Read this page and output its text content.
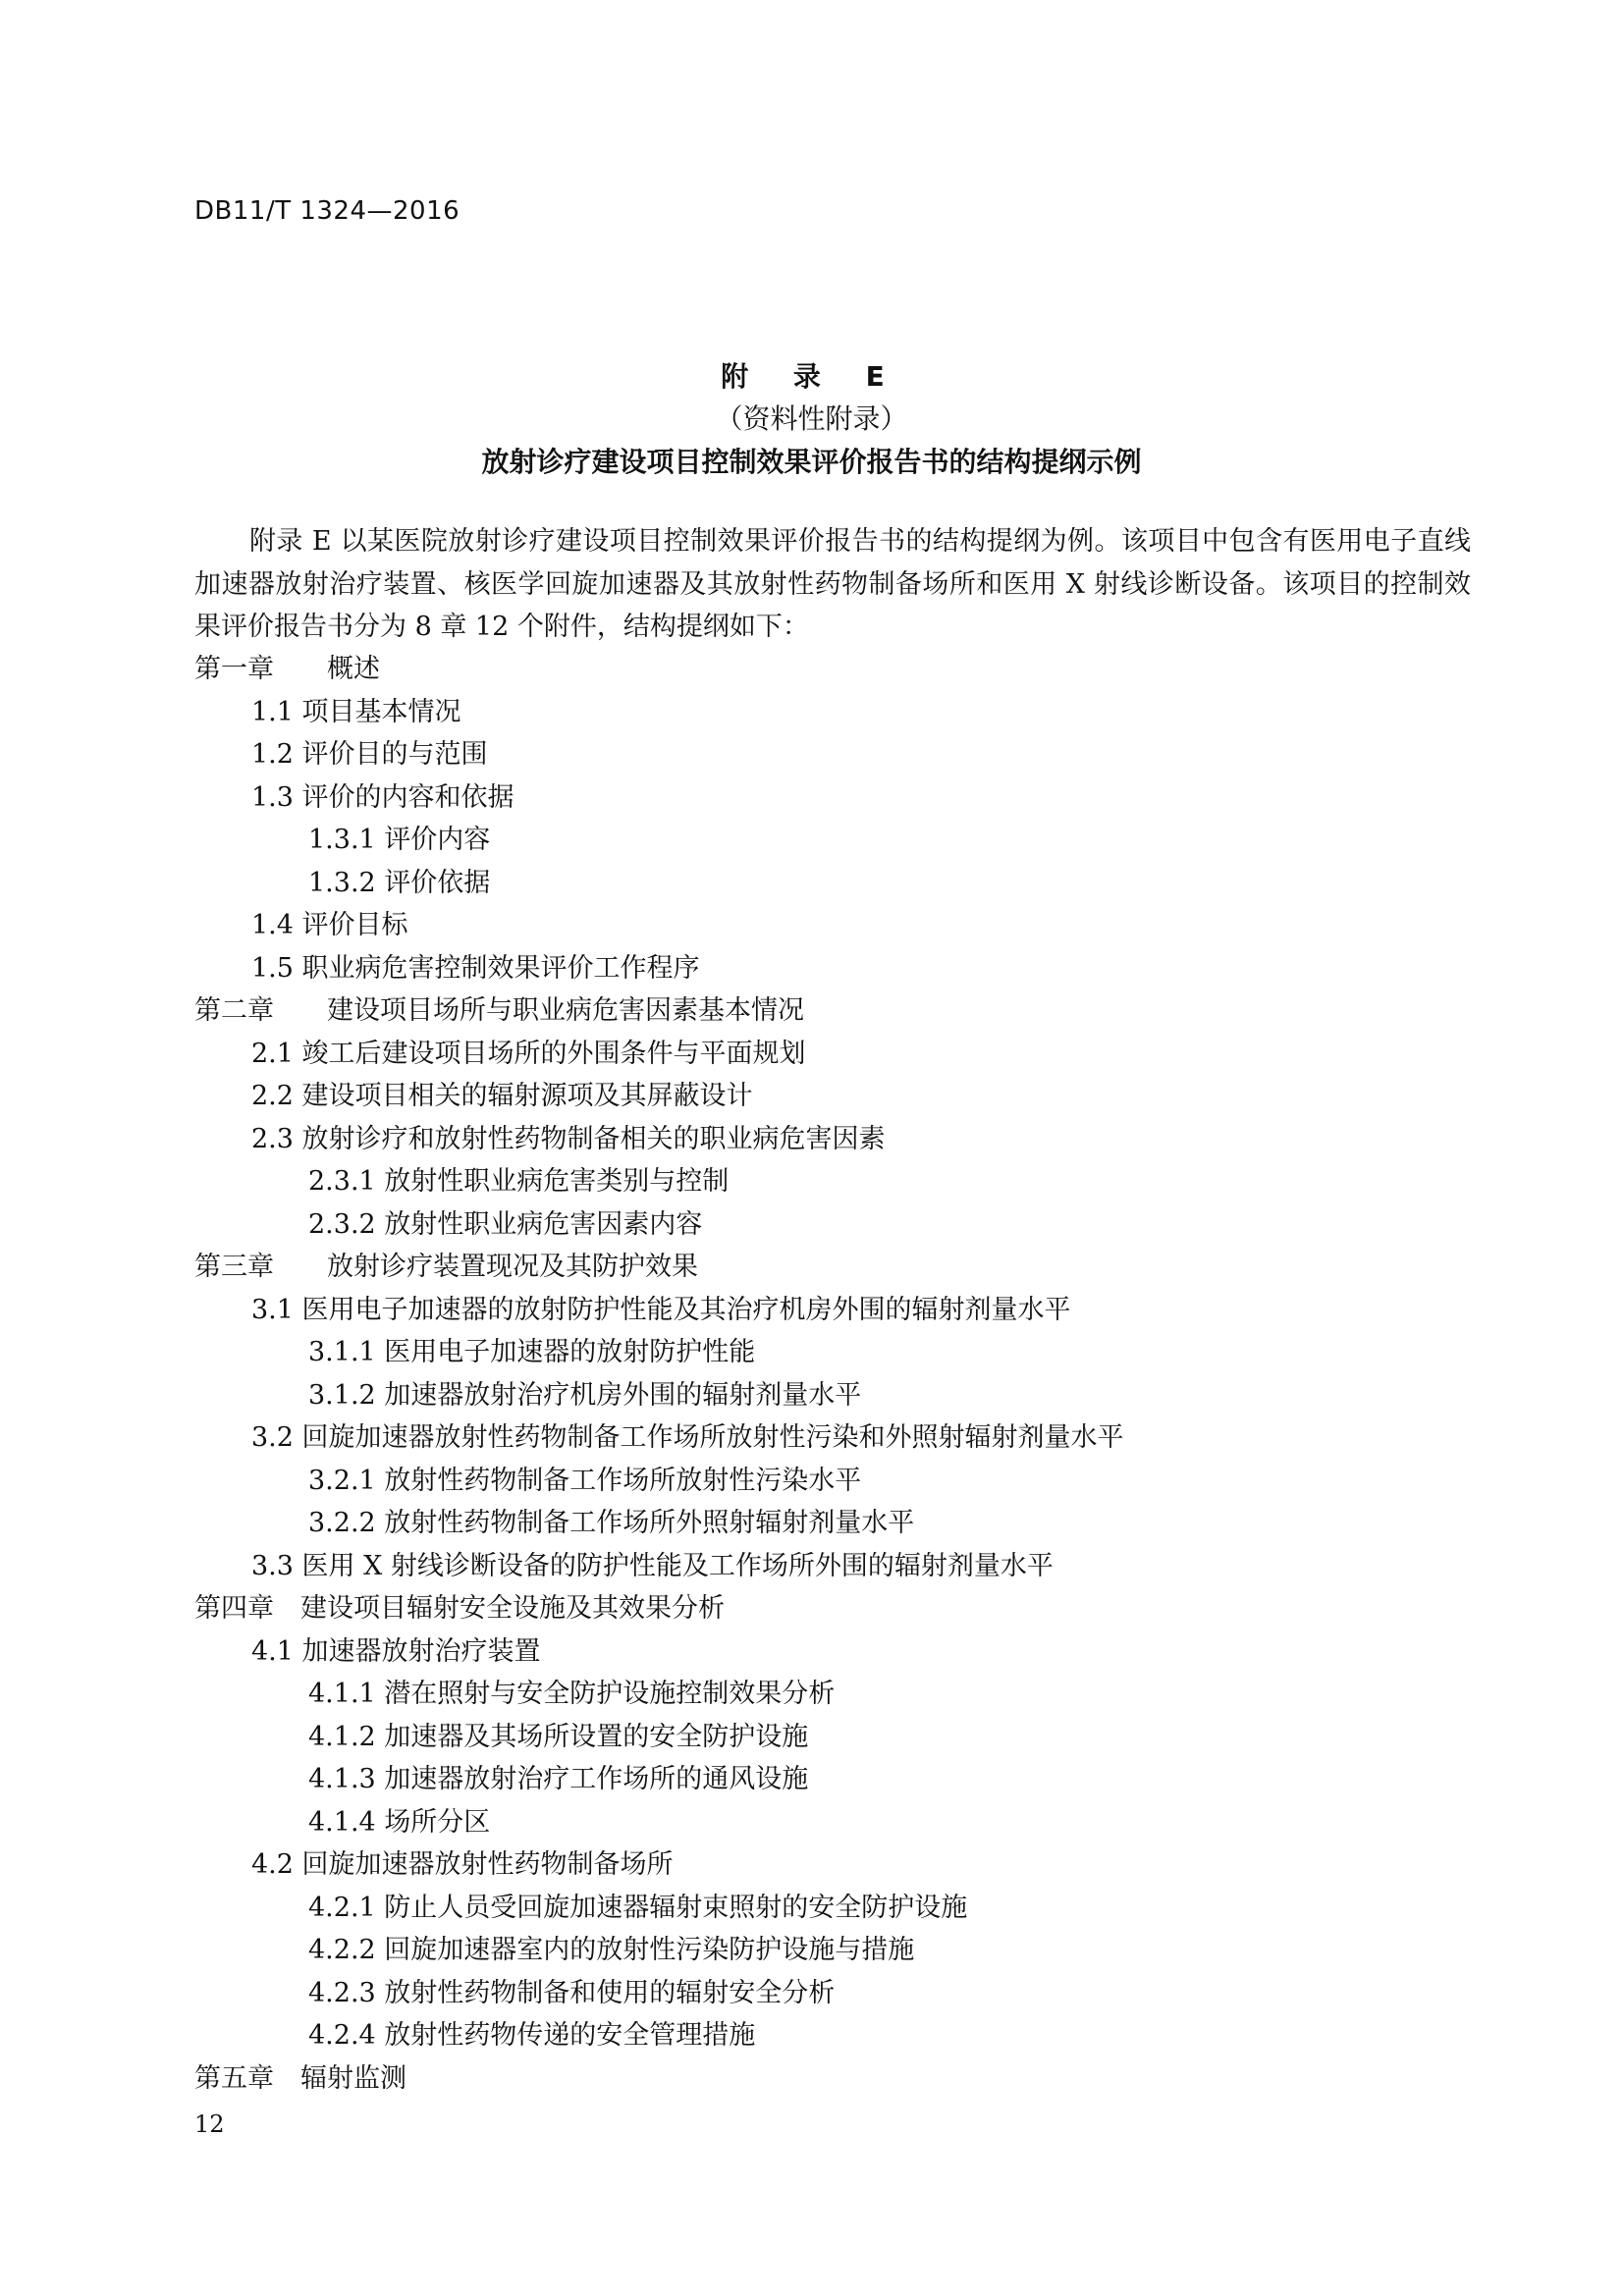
DB11/T 1324—2016
附 录 E
（资料性附录）
放射诊疗建设项目控制效果评价报告书的结构提纲示例

附录 E 以某医院放射诊疗建设项目控制效果评价报告书的结构提纲为例。该项目中包含有医用电子直线加速器放射治疗装置、核医学回旋加速器及其放射性药物制备场所和医用 X 射线诊断设备。该项目的控制效果评价报告书分为 8 章 12 个附件，结构提纲如下：

第一章　　概述
1.1 项目基本情况
1.2 评价目的与范围
1.3 评价的内容和依据
1.3.1 评价内容
1.3.2 评价依据
1.4 评价目标
1.5 职业病危害控制效果评价工作程序
第二章　　建设项目场所与职业病危害因素基本情况
2.1 竣工后建设项目场所的外围条件与平面规划
2.2 建设项目相关的辐射源项及其屏蔽设计
2.3 放射诊疗和放射性药物制备相关的职业病危害因素
2.3.1 放射性职业病危害类别与控制
2.3.2 放射性职业病危害因素内容
第三章　　放射诊疗装置现况及其防护效果
3.1 医用电子加速器的放射防护性能及其治疗机房外围的辐射剂量水平
3.1.1 医用电子加速器的放射防护性能
3.1.2 加速器放射治疗机房外围的辐射剂量水平
3.2 回旋加速器放射性药物制备工作场所放射性污染和外照射辐射剂量水平
3.2.1 放射性药物制备工作场所放射性污染水平
3.2.2 放射性药物制备工作场所外照射辐射剂量水平
3.3 医用 X 射线诊断设备的防护性能及工作场所外围的辐射剂量水平
第四章　建设项目辐射安全设施及其效果分析
4.1 加速器放射治疗装置
4.1.1 潜在照射与安全防护设施控制效果分析
4.1.2 加速器及其场所设置的安全防护设施
4.1.3 加速器放射治疗工作场所的通风设施
4.1.4 场所分区
4.2 回旋加速器放射性药物制备场所
4.2.1 防止人员受回旋加速器辐射束照射的安全防护设施
4.2.2 回旋加速器室内的放射性污染防护设施与措施
4.2.3 放射性药物制备和使用的辐射安全分析
4.2.4 放射性药物传递的安全管理措施
第五章　辐射监测
12
